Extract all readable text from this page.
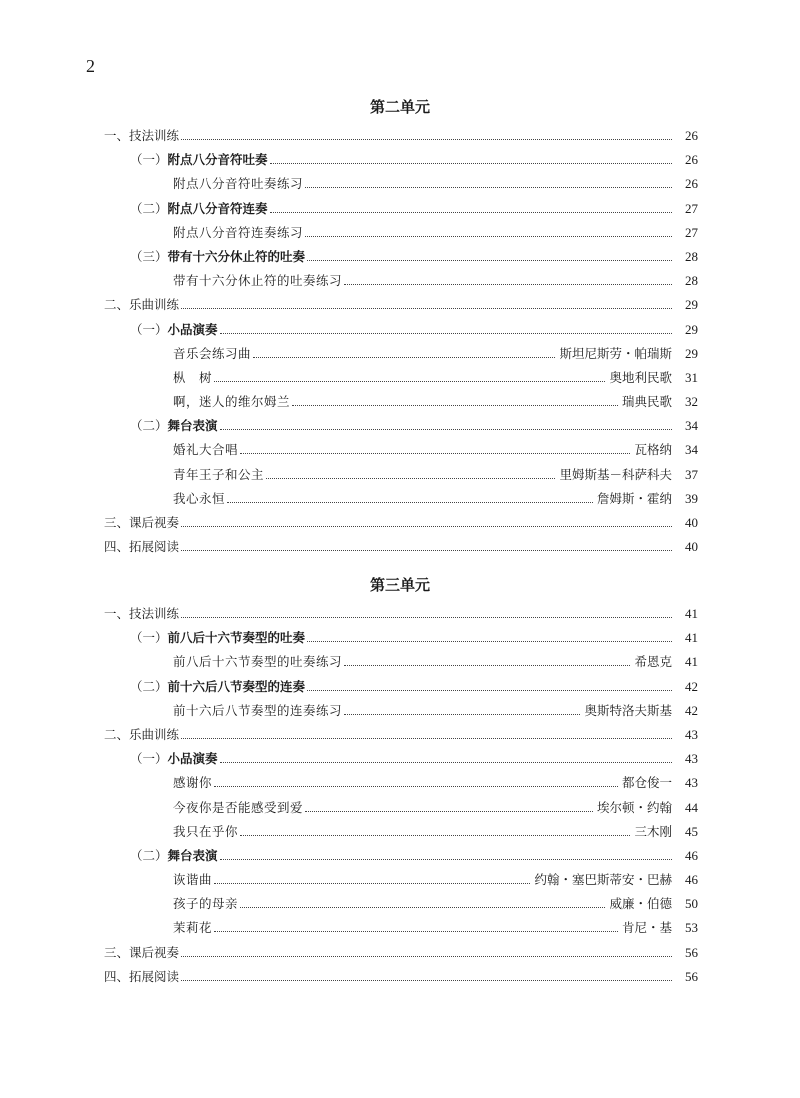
2
第二单元
一、技法训练	26
（一）附点八分音符吐奏	26
附点八分音符吐奏练习	26
（二）附点八分音符连奏	27
附点八分音符连奏练习	27
（三）带有十六分休止符的吐奏	28
带有十六分休止符的吐奏练习	28
二、乐曲训练	29
（一）小品演奏	29
音乐会练习曲	斯坦尼斯劳・帕瑞斯	29
枞　树	奥地利民歌	31
啊，迷人的维尔姆兰	瑞典民歌	32
（二）舞台表演	34
婚礼大合唱	瓦格纳	34
青年王子和公主	里姆斯基－科萨科夫	37
我心永恒	詹姆斯・霍纳	39
三、课后视奏	40
四、拓展阅读	40
第三单元
一、技法训练	41
（一）前八后十六节奏型的吐奏	41
前八后十六节奏型的吐奏练习	希恩克	41
（二）前十六后八节奏型的连奏	42
前十六后八节奏型的连奏练习	奥斯特洛夫斯基	42
二、乐曲训练	43
（一）小品演奏	43
感谢你	都仓俊一	43
今夜你是否能感受到爱	埃尔顿・约翰	44
我只在乎你	三木刚	45
（二）舞台表演	46
诙谐曲	约翰・塞巴斯蒂安・巴赫	46
孩子的母亲	威廉・伯德	50
茉莉花	肯尼・基	53
三、课后视奏	56
四、拓展阅读	56
